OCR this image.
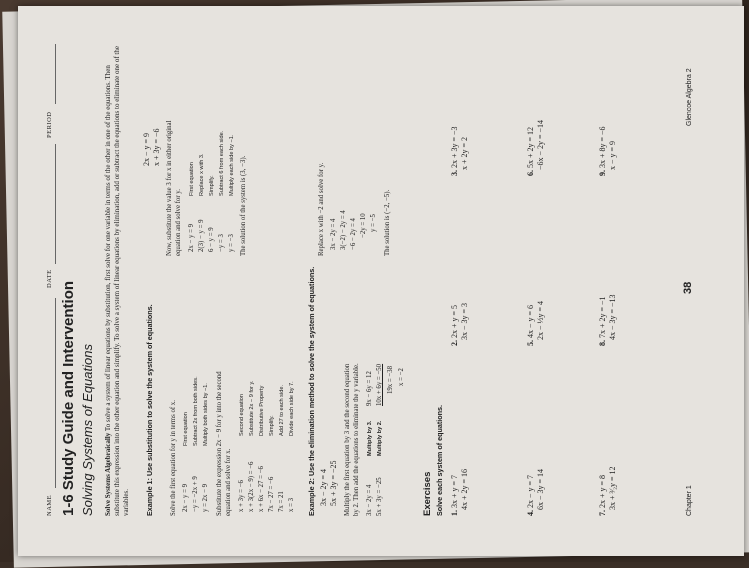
NAME
DATE
PERIOD
1-6 Study Guide and Intervention Solving Systems of Equations Solve Systems Algebraically To solve a system of linear equations by substitution, first solve for one variable in terms of the other in one of the equations. Then substitute this expression into the other equation and simplify. To solve a system of linear equations by elimination, add or subtract the equations to eliminate one of the variables. Example 1: Use substitution to solve the system of equations.
2x − y = 9 x + 3y = −6
Solve the first equation for y in terms of x. 2x − y = 9
First equation
−y = −2x + 9
Subtract 2x from both sides.
y = 2x − 9
Multiply both sides by −1. Substitute the expression 2x − 9 for y into the second equation and solve for x. x + 3y = −6
Second equation
x + 3(2x − 9) = −6
Substitute 2x − 9 for y.
x + 6x − 27 = −6
Distributive Property
7x − 27 = −6
Simplify.
7x = 21
Add 27 to each side.
x = 3
Divide each side by 7.
Now, substitute the value 3 for x in either original equation and solve for y. 2x − y = 9
First equation
2(3) − y = 9
Replace x with 3.
6 − y = 9
Simplify.
−y = 3
Subtract 6 from each side.
y = −3
Multiply each side by −1. The solution of the system is (3, −3).
Example 2: Use the elimination method to solve the system of equations. 3x − 2y = 4 5x + 3y = −25 Multiply the first equation by 3 and the second equation by 2. Then add the equations to eliminate the y variable. 3x − 2y = 4
Multiply by 3.
9x − 6y = 12
5x + 3y = −25
Multiply by 2.
10x + 6y = −50 19x = −38 x = −2
Replace x with −2 and solve for y. 3x − 2y = 4 3(−2) − 2y = 4 −6 − 2y = 4 −2y = 10 y = −5 The solution is (−2, −5).
Exercises Solve each system of equations. 1. 3x + y = 7
4x + 2y = 16
2. 2x + y = 5
3x − 3y = 3
3. 2x + 3y = −3
x + 2y = 2
4. 2x − y = 7
6x − 3y = 14
5. 4x − y = 6
2x − ½y = 4
6. 5x + 2y = 12
−6x − 2y = −14
7. 2x + y = 8
3x + ³⁄₂y = 12
8. 7x + 2y = −1
4x − 3y = −13
9. 3x + 8y = −6
x − y = 9
Chapter 1
38
Glencoe Algebra 2
